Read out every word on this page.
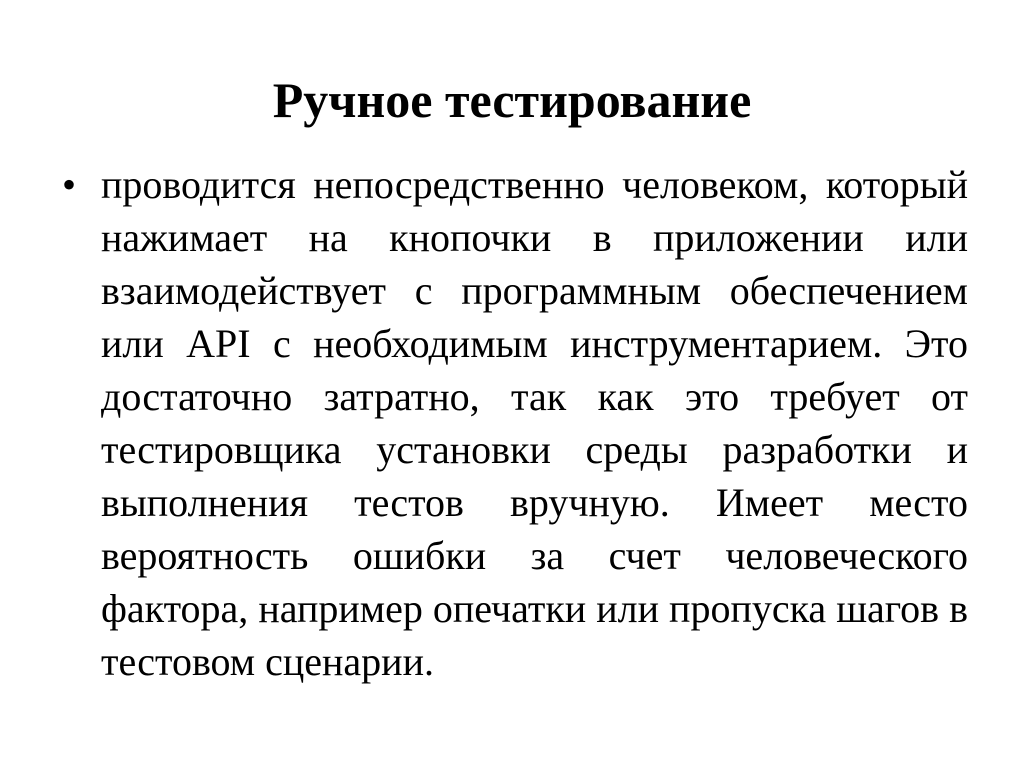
Ручное тестирование
• проводится непосредственно человеком, который нажимает на кнопочки в приложении или взаимодействует с программным обеспечением или API с необходимым инструментарием. Это достаточно затратно, так как это требует от тестировщика установки среды разработки и выполнения тестов вручную. Имеет место вероятность ошибки за счет человеческого фактора, например опечатки или пропуска шагов в тестовом сценарии.
